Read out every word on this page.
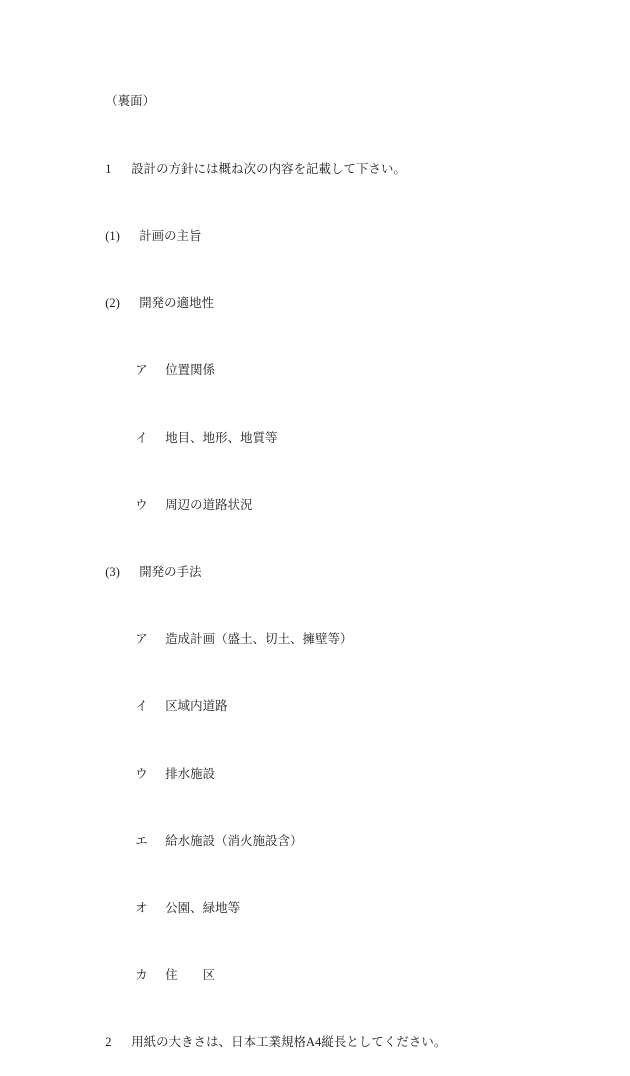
（裏面）

1 設計の方針には概ね次の内容を記載して下さい。

(1) 計画の主旨

(2) 開発の適地性

ア 位置関係

イ 地目、地形、地質等

ウ 周辺の道路状況

(3) 開発の手法

ア 造成計画（盛土、切土、擁壁等）

イ 区域内道路

ウ 排水施設

エ 給水施設（消火施設含）

オ 公園、緑地等

カ 住　　区

2 用紙の大きさは、日本工業規格A4縦長としてください。
